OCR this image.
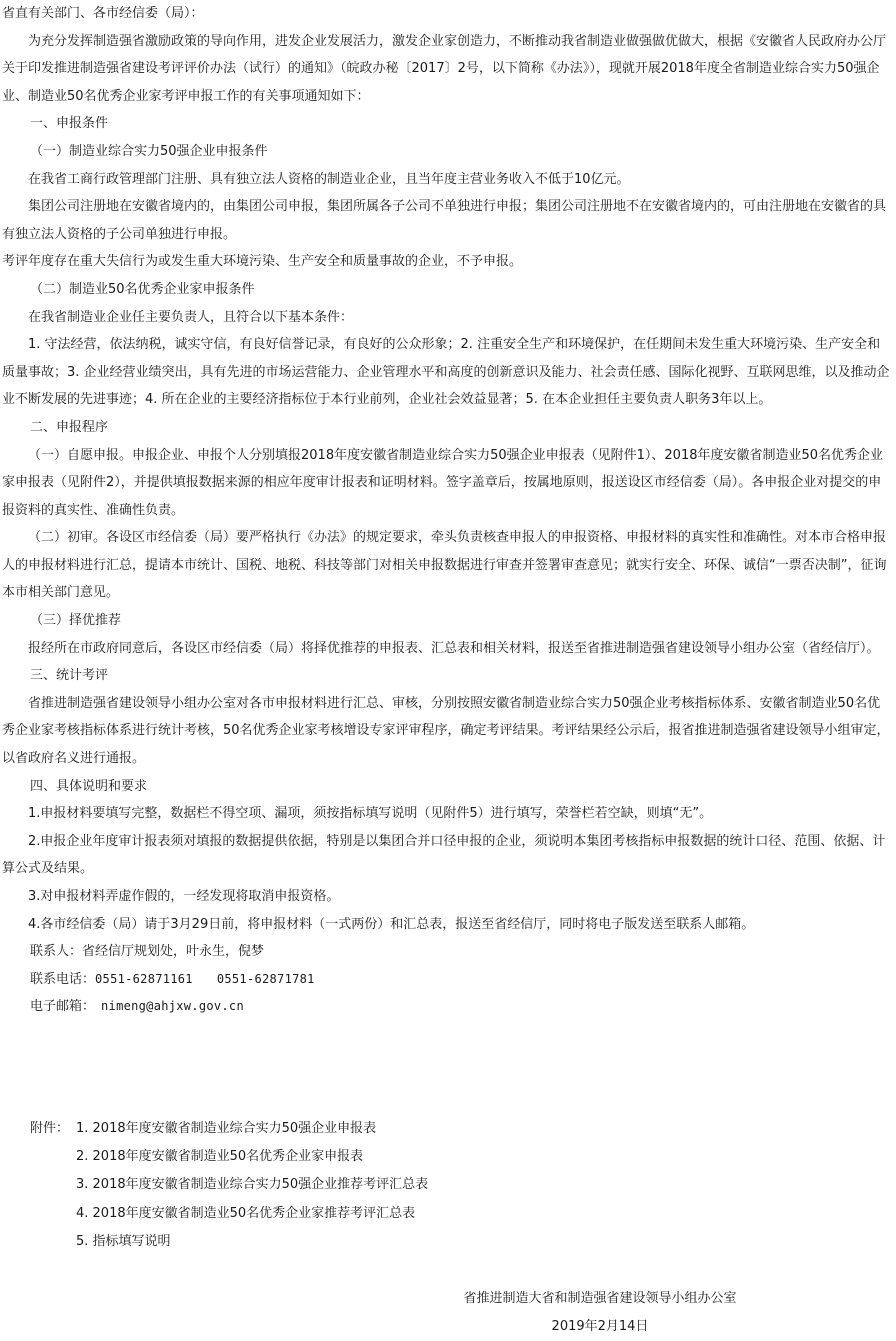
省直有关部门、各市经信委（局）：

为充分发挥制造强省激励政策的导向作用，进发企业发展活力，激发企业家创造力，不断推动我省制造业做强做优做大，根据《安徽省人民政府办公厅关于印发推进制造强省建设考评评价办法（试行）的通知》（皖政办秘〔2017〕2号，以下简称《办法》），现就开展2018年度全省制造业综合实力50强企业、制造业50名优秀企业家考评申报工作的有关事项通知如下：

一、申报条件

（一）制造业综合实力50强企业申报条件

在我省工商行政管理部门注册、具有独立法人资格的制造业企业，且当年度主营业务收入不低于10亿元。

集团公司注册地在安徽省境内的，由集团公司申报，集团所属各子公司不单独进行申报；集团公司注册地不在安徽省境内的，可由注册地在安徽省的具有独立法人资格的子公司单独进行申报。

考评年度存在重大失信行为或发生重大环境污染、生产安全和质量事故的企业，不予申报。

（二）制造业50名优秀企业家申报条件

在我省制造业企业任主要负责人，且符合以下基本条件：

1. 守法经营，依法纳税，诚实守信，有良好信誉记录，有良好的公众形象；2. 注重安全生产和环境保护，在任期间未发生重大环境污染、生产安全和质量事故；3. 企业经营业绩突出，具有先进的市场运营能力、企业管理水平和高度的创新意识及能力、社会责任感、国际化视野、互联网思维，以及推动企业不断发展的先进事迹；4. 所在企业的主要经济指标位于本行业前列，企业社会效益显著；5. 在本企业担任主要负责人职务3年以上。

二、申报程序

（一）自愿申报。申报企业、申报个人分别填报2018年度安徽省制造业综合实力50强企业申报表（见附件1）、2018年度安徽省制造业50名优秀企业家申报表（见附件2），并提供填报数据来源的相应年度审计报表和证明材料。签字盖章后，按属地原则，报送设区市经信委（局）。各申报企业对提交的申报资料的真实性、准确性负责。

（二）初审。各设区市经信委（局）要严格执行《办法》的规定要求，牵头负责核查申报人的申报资格、申报材料的真实性和准确性。对本市合格申报人的申报材料进行汇总，提请本市统计、国税、地税、科技等部门对相关申报数据进行审查并签署审查意见；就实行安全、环保、诚信“一票否决制”，征询本市相关部门意见。

（三）择优推荐

报经所在市政府同意后，各设区市经信委（局）将择优推荐的申报表、汇总表和相关材料，报送至省推进制造强省建设领导小组办公室（省经信厅）。

三、统计考评

省推进制造强省建设领导小组办公室对各市申报材料进行汇总、审核，分别按照安徽省制造业综合实力50强企业考核指标体系、安徽省制造业50名优秀企业家考核指标体系进行统计考核，50名优秀企业家考核增设专家评审程序，确定考评结果。考评结果经公示后，报省推进制造强省建设领导小组审定，以省政府名义进行通报。

四、具体说明和要求

1.申报材料要填写完整，数据栏不得空项、漏项，须按指标填写说明（见附件5）进行填写，荣誉栏若空缺，则填“无”。

2.申报企业年度审计报表须对填报的数据提供依据，特别是以集团合并口径申报的企业，须说明本集团考核指标申报数据的统计口径、范围、依据、计算公式及结果。

3.对申报材料弄虚作假的，一经发现将取消申报资格。

4.各市经信委（局）请于3月29日前，将申报材料（一式两份）和汇总表，报送至省经信厅，同时将电子版发送至联系人邮箱。

联系人：省经信厅规划处，叶永生，倪梦

联系电话：0551-62871161 0551-62871781

电子邮箱： nimeng@ahjxw.gov.cn

附件： 1. 2018年度安徽省制造业综合实力50强企业申报表
2. 2018年度安徽省制造业50名优秀企业家申报表
3. 2018年度安徽省制造业综合实力50强企业推荐考评汇总表
4. 2018年度安徽省制造业50名优秀企业家推荐考评汇总表
5. 指标填写说明
省推进制造大省和制造强省建设领导小组办公室
2019年2月14日
